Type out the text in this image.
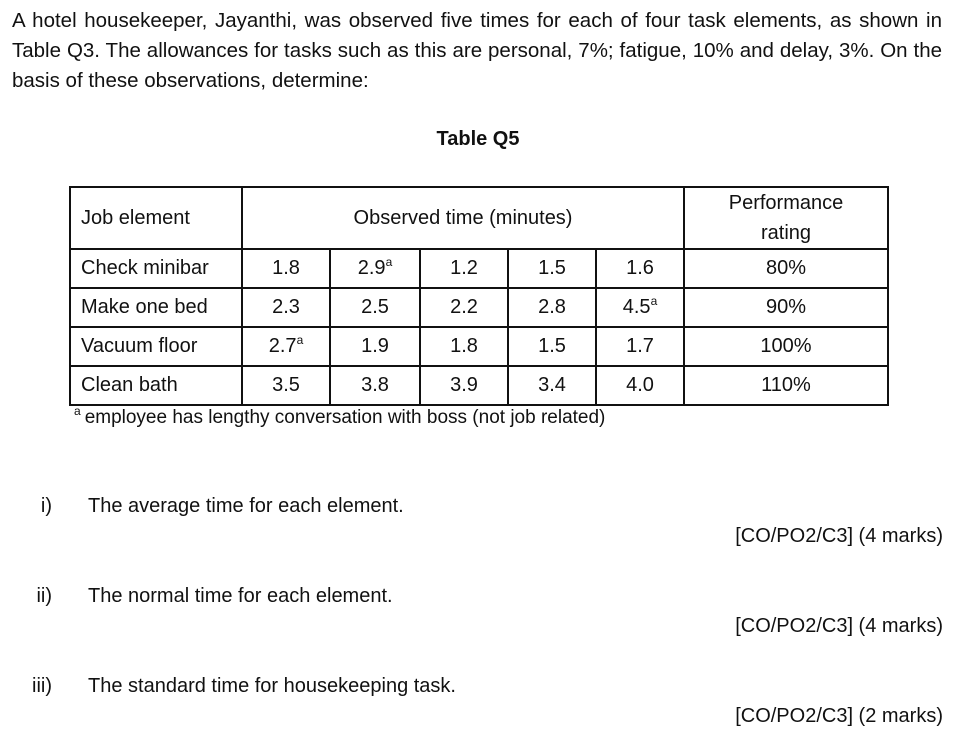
A hotel housekeeper, Jayanthi, was observed five times for each of four task elements, as shown in Table Q3. The allowances for tasks such as this are personal, 7%; fatigue, 10% and delay, 3%. On the basis of these observations, determine:
Table Q5
Job element	Observed time (minutes)					Performance
rating

Check minibar	1.8	2.9$^a$	1.2	1.5	1.6	80%
Make one bed	2.3	2.5	2.2	2.8	4.5$^a$	90%
Vacuum floor	2.7$^a$	1.9	1.8	1.5	1.7	100%
Clean bath	3.5	3.8	3.9	3.4	4.0	110%
$^a$ employee has lengthy conversation with boss (not job related)
i) The average time for each element.
[CO/PO2/C3] (4 marks)
ii) The normal time for each element.
[CO/PO2/C3] (4 marks)
iii) The standard time for housekeeping task.
[CO/PO2/C3] (2 marks)
